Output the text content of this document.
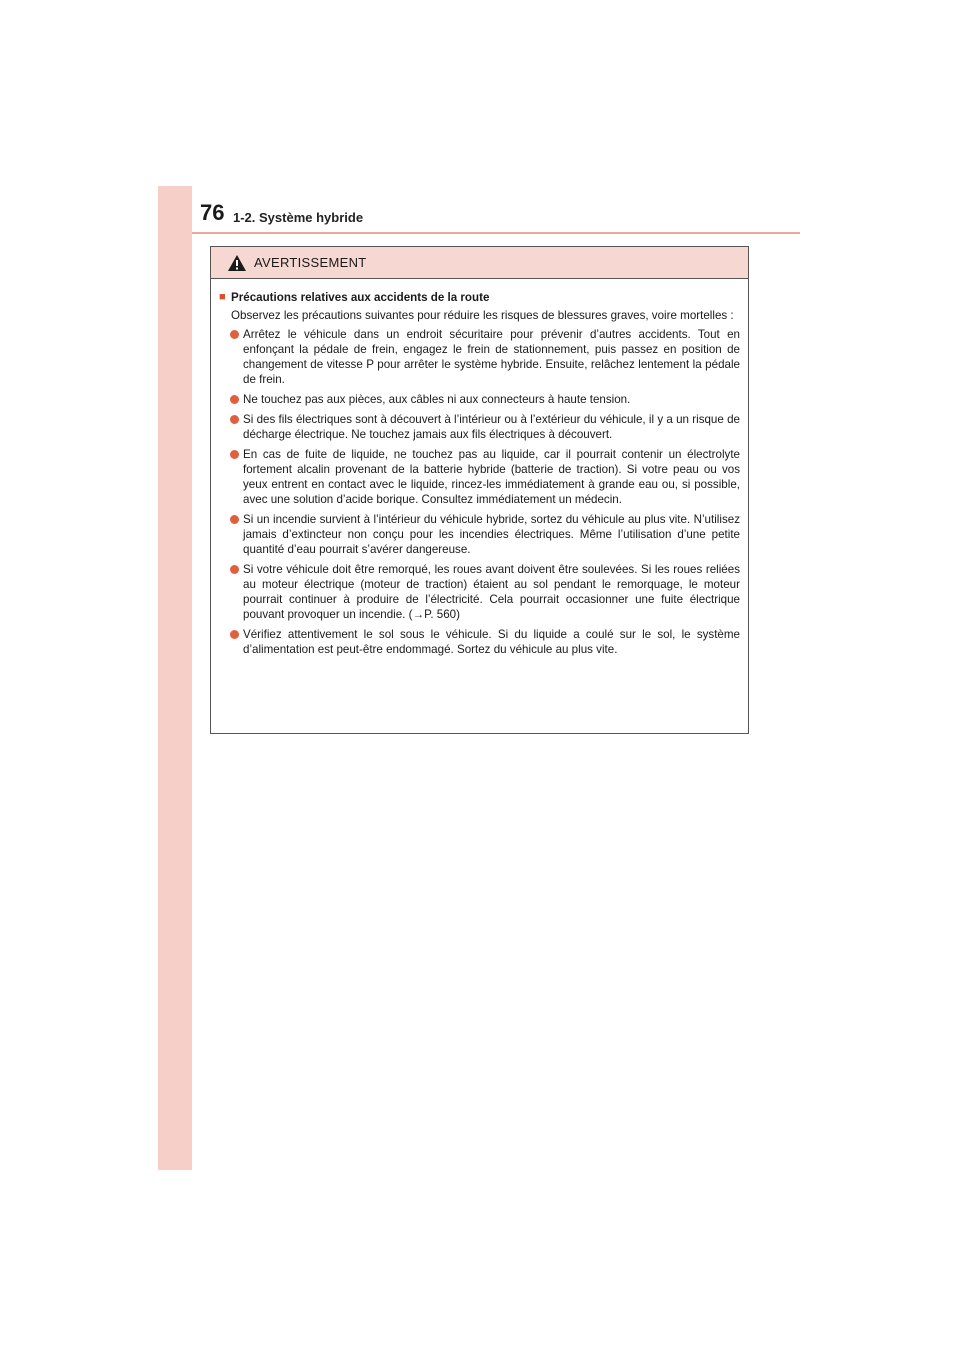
76 1-2. Système hybride
AVERTISSEMENT
■ Précautions relatives aux accidents de la route
Observez les précautions suivantes pour réduire les risques de blessures graves, voire mortelles :
Arrêtez le véhicule dans un endroit sécuritaire pour prévenir d’autres accidents. Tout en enfonçant la pédale de frein, engagez le frein de stationnement, puis passez en position de changement de vitesse P pour arrêter le système hybride. Ensuite, relâchez lentement la pédale de frein.
Ne touchez pas aux pièces, aux câbles ni aux connecteurs à haute tension.
Si des fils électriques sont à découvert à l’intérieur ou à l’extérieur du véhicule, il y a un risque de décharge électrique. Ne touchez jamais aux fils électriques à découvert.
En cas de fuite de liquide, ne touchez pas au liquide, car il pourrait contenir un électrolyte fortement alcalin provenant de la batterie hybride (batterie de traction). Si votre peau ou vos yeux entrent en contact avec le liquide, rincez-les immédiatement à grande eau ou, si possible, avec une solution d’acide borique. Consultez immédiatement un médecin.
Si un incendie survient à l’intérieur du véhicule hybride, sortez du véhicule au plus vite. N’utilisez jamais d’extincteur non conçu pour les incendies électriques. Même l’utilisation d’une petite quantité d’eau pourrait s’avérer dangereuse.
Si votre véhicule doit être remorqué, les roues avant doivent être soulevées. Si les roues reliées au moteur électrique (moteur de traction) étaient au sol pendant le remorquage, le moteur pourrait continuer à produire de l’électricité. Cela pourrait occasionner une fuite électrique pouvant provoquer un incendie. (→P. 560)
Vérifiez attentivement le sol sous le véhicule. Si du liquide a coulé sur le sol, le système d’alimentation est peut-être endommagé. Sortez du véhicule au plus vite.
